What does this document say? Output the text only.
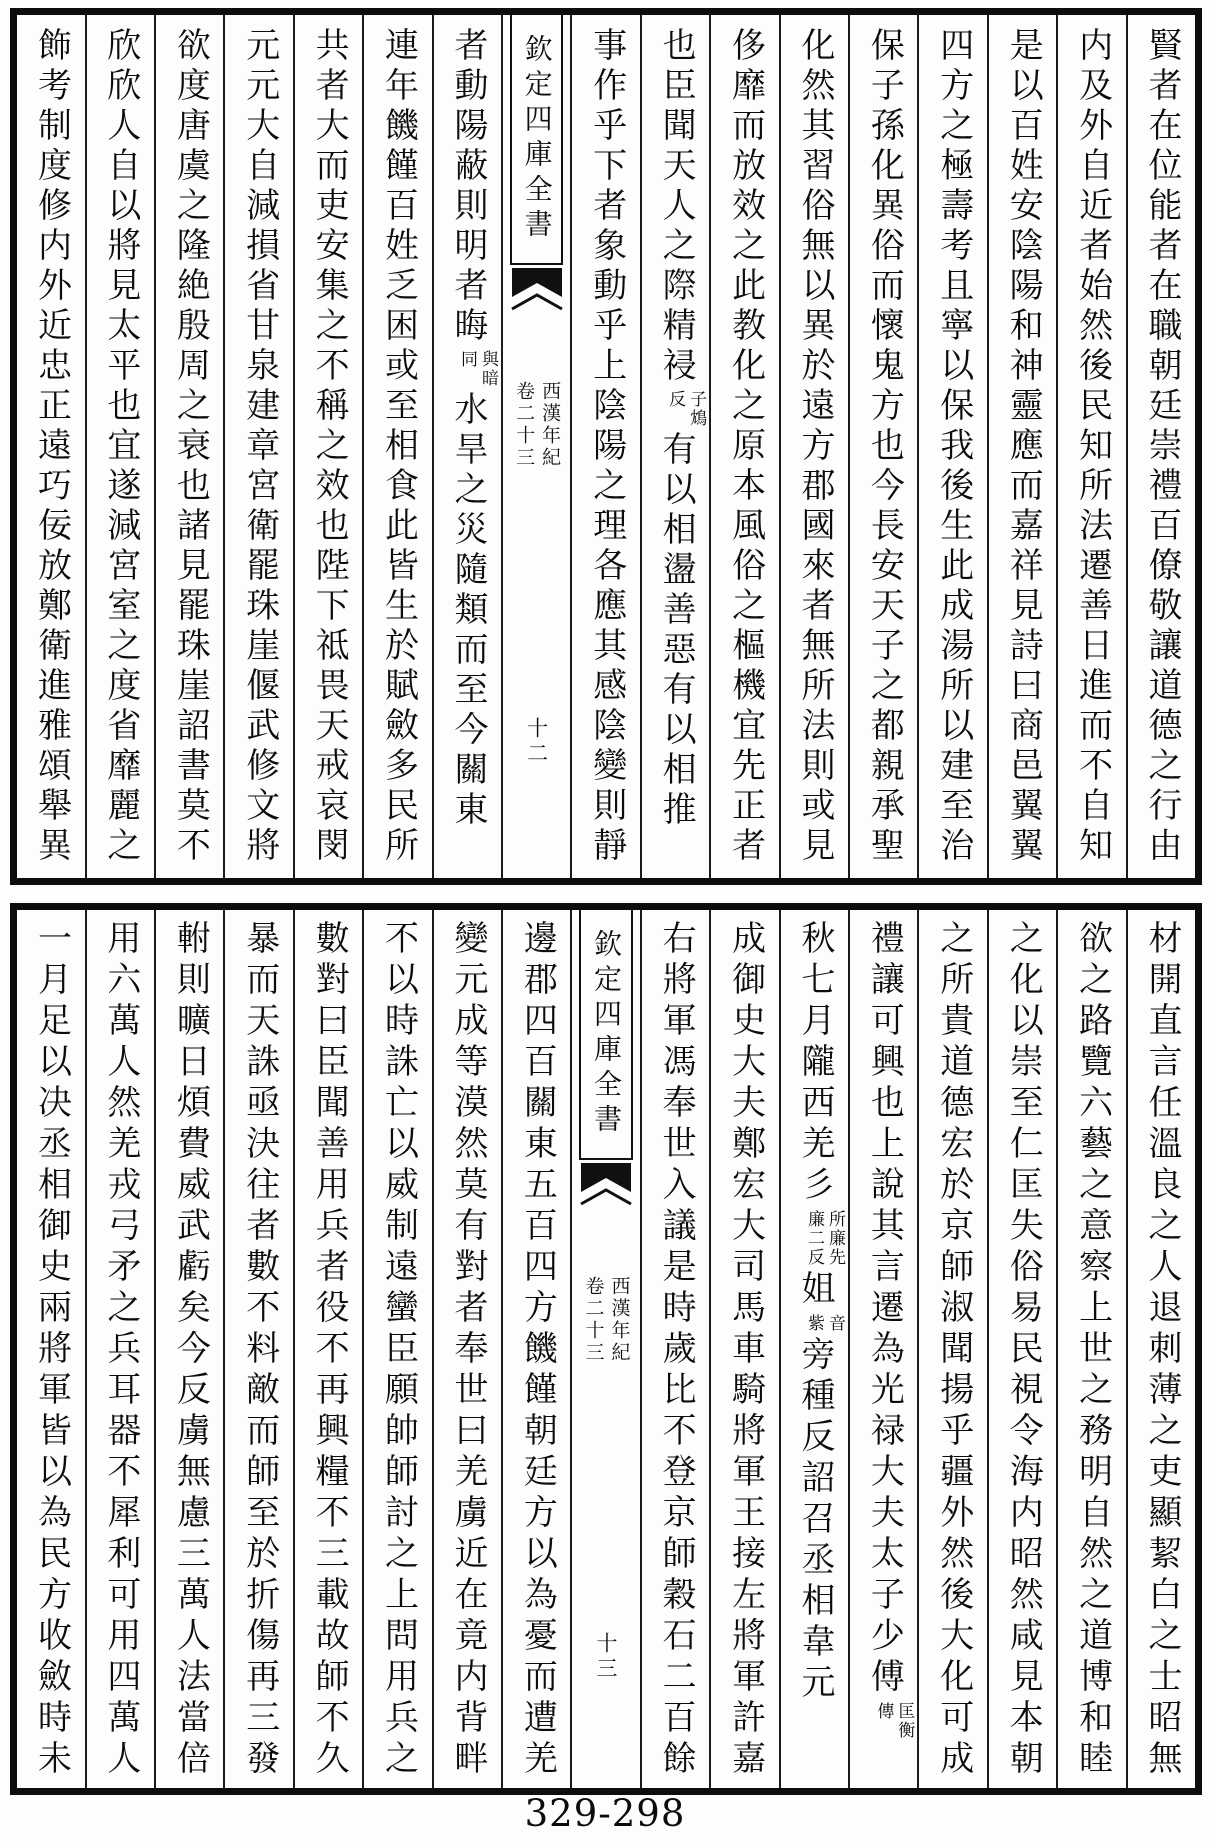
賢者在位能者在職朝廷崇禮百僚敬讓道德之行由
内及外自近者始然後民知所法遷善日進而不自知
是以百姓安陰陽和神靈應而嘉祥見詩曰商邑翼翼
四方之極壽考且寧以保我後生此成湯所以建至治
保子孫化異俗而懷鬼方也今長安天子之都親承聖
化然其習俗無以異於遠方郡國來者無所法則或見
侈靡而放效之此教化之原本風俗之樞機宜先正者
也臣聞天人之際精祲
子鴆
反
有以相盪善惡有以相推
事作乎下者象動乎上陰陽之理各應其感陰變則靜
欽定四庫全書
西漢年紀
卷二十三
十二
者動陽蔽則明者晦
與暗
同
水旱之災隨類而至今關東
連年饑饉百姓乏困或至相食此皆生於賦斂多民所
共者大而吏安集之不稱之效也陛下祗畏天戒哀閔
元元大自減損省甘泉建章宮衛罷珠崖偃武修文將
欲度唐虞之隆絶殷周之衰也諸見罷珠崖詔書莫不
欣欣人自以將見太平也宜遂減宮室之度省靡麗之
飾考制度修内外近忠正遠巧佞放鄭衛進雅頌舉異
材開直言任溫良之人退刺薄之吏顯絜白之士昭無
欲之路覽六藝之意察上世之務明自然之道博和睦
之化以崇至仁匡失俗易民視令海内昭然咸見本朝
之所貴道德宏於京師淑聞揚乎疆外然後大化可成
禮讓可興也上說其言遷為光禄大夫太子少傅
匡衡
傳
秋七月隴西羌彡
所廉先
廉二反
姐
音
紫
旁種反詔召丞相韋元
成御史大夫鄭宏大司馬車騎將軍王接左將軍許嘉
右將軍馮奉世入議是時歲比不登京師穀石二百餘
欽定四庫全書
西漢年紀
卷二十三
十三
邊郡四百關東五百四方饑饉朝廷方以為憂而遭羌
變元成等漠然莫有對者奉世曰羌虜近在竟内背畔
不以時誅亡以威制遠蠻臣願帥師討之上問用兵之
數對曰臣聞善用兵者役不再興糧不三載故師不久
暴而天誅亟決往者數不料敵而師至於折傷再三發
軵則曠日煩費威武虧矣今反虜無慮三萬人法當倍
用六萬人然羌戎弓矛之兵耳器不犀利可用四萬人
一月足以决丞相御史兩將軍皆以為民方收斂時未
329-298
